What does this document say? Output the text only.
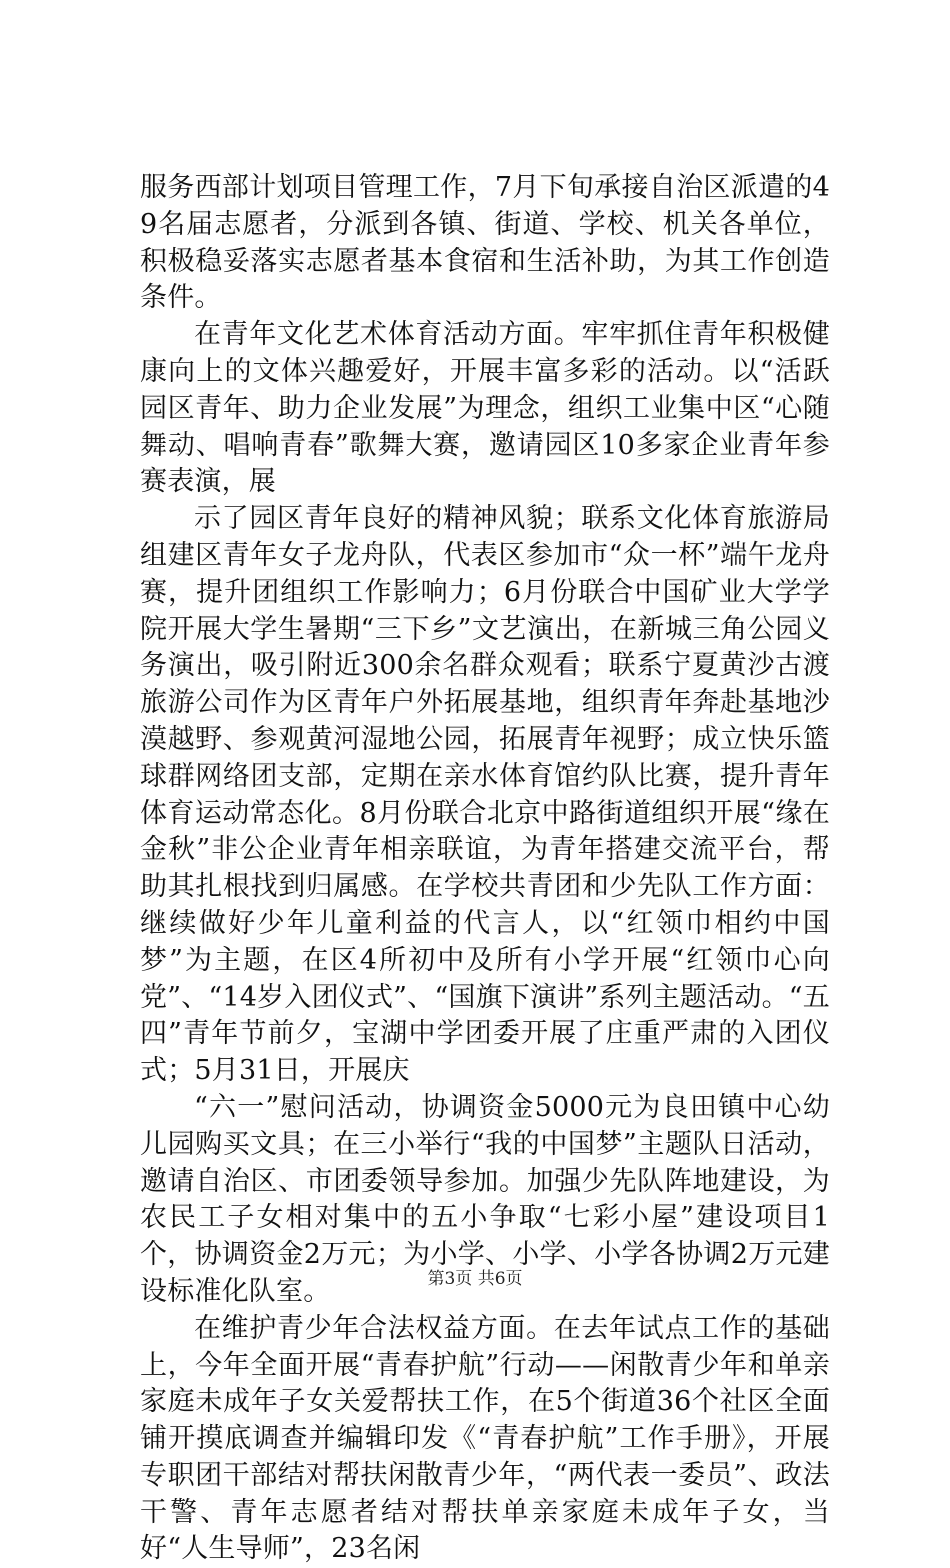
服务西部计划项目管理工作，7月下旬承接自治区派遣的49名届志愿者，分派到各镇、街道、学校、机关各单位，积极稳妥落实志愿者基本食宿和生活补助，为其工作创造条件。

在青年文化艺术体育活动方面。牢牢抓住青年积极健康向上的文体兴趣爱好，开展丰富多彩的活动。以“活跃园区青年、助力企业发展”为理念，组织工业集中区“心随舞动、唱响青春”歌舞大赛，邀请园区10多家企业青年参赛表演，展

示了园区青年良好的精神风貌；联系文化体育旅游局组建区青年女子龙舟队，代表区参加市“众一杯”端午龙舟赛，提升团组织工作影响力；6月份联合中国矿业大学学院开展大学生暑期“三下乡”文艺演出，在新城三角公园义务演出，吸引附近300余名群众观看；联系宁夏黄沙古渡旅游公司作为区青年户外拓展基地，组织青年奔赴基地沙漠越野、参观黄河湿地公园，拓展青年视野；成立快乐篮球群网络团支部，定期在亲水体育馆约队比赛，提升青年体育运动常态化。8月份联合北京中路街道组织开展“缘在金秋”非公企业青年相亲联谊，为青年搭建交流平台，帮助其扎根找到归属感。在学校共青团和少先队工作方面：继续做好少年儿童利益的代言人，以“红领巾相约中国梦”为主题，在区4所初中及所有小学开展“红领巾心向党”、“14岁入团仪式”、“国旗下演讲”系列主题活动。“五四”青年节前夕，宝湖中学团委开展了庄重严肃的入团仪式；5月31日，开展庆

“六一”慰问活动，协调资金5000元为良田镇中心幼儿园购买文具；在三小举行“我的中国梦”主题队日活动，邀请自治区、市团委领导参加。加强少先队阵地建设，为农民工子女相对集中的五小争取“七彩小屋”建设项目1个，协调资金2万元；为小学、小学、小学各协调2万元建设标准化队室。

在维护青少年合法权益方面。在去年试点工作的基础上，今年全面开展“青春护航”行动——闲散青少年和单亲家庭未成年子女关爱帮扶工作，在5个街道36个社区全面铺开摸底调查并编辑印发《“青春护航”工作手册》，开展专职团干部结对帮扶闲散青少年，“两代表一委员”、政法干警、青年志愿者结对帮扶单亲家庭未成年子女，当好“人生导师”，23名闲

第3页 共6页
